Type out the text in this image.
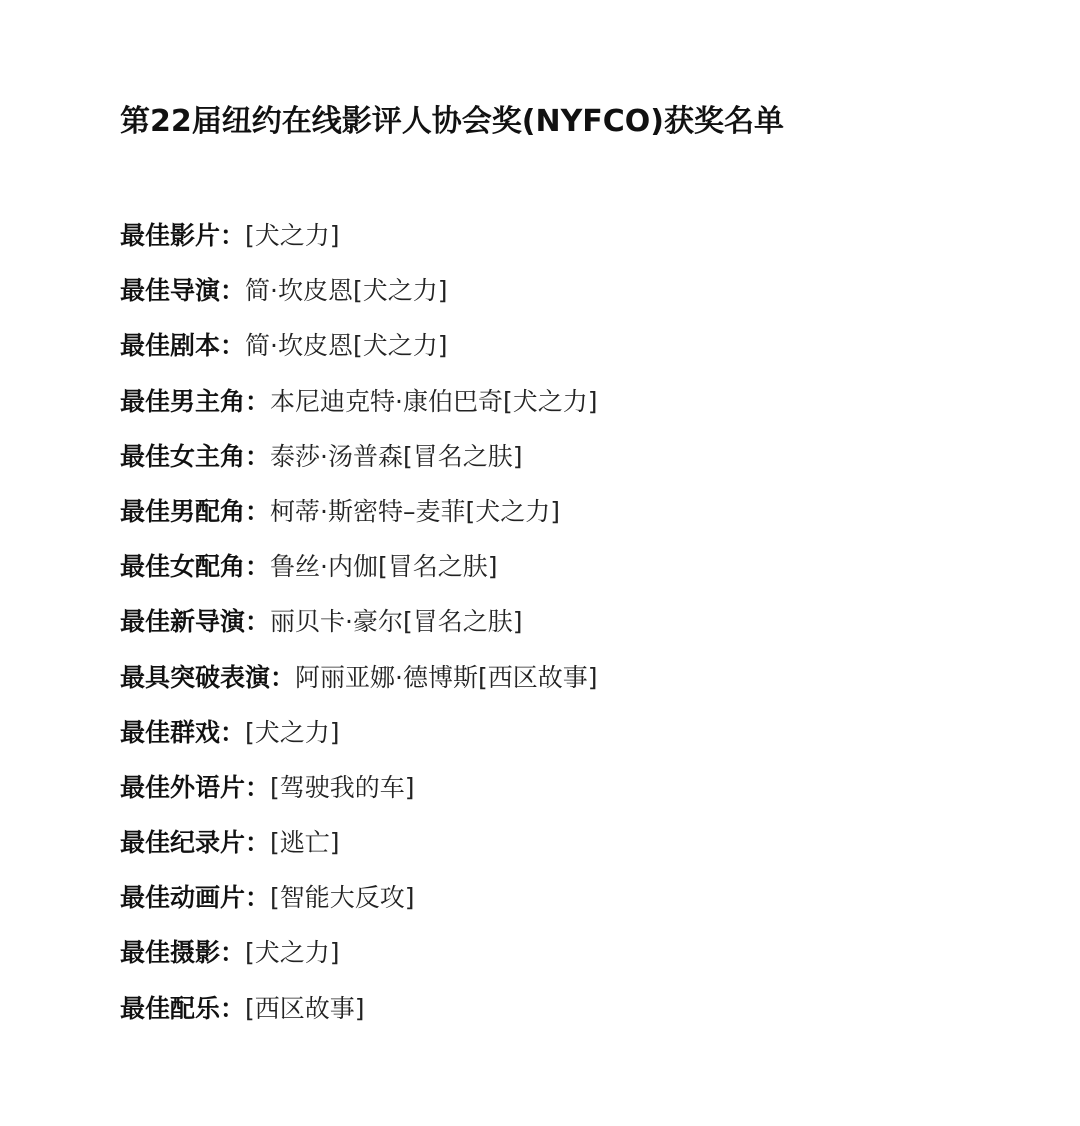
第22届纽约在线影评人协会奖(NYFCO)获奖名单
最佳影片：[犬之力]
最佳导演：简·坎皮恩[犬之力]
最佳剧本：简·坎皮恩[犬之力]
最佳男主角：本尼迪克特·康伯巴奇[犬之力]
最佳女主角：泰莎·汤普森[冒名之肤]
最佳男配角：柯蒂·斯密特–麦菲[犬之力]
最佳女配角：鲁丝·内伽[冒名之肤]
最佳新导演：丽贝卡·豪尔[冒名之肤]
最具突破表演：阿丽亚娜·德博斯[西区故事]
最佳群戏：[犬之力]
最佳外语片：[驾驶我的车]
最佳纪录片：[逃亡]
最佳动画片：[智能大反攻]
最佳摄影：[犬之力]
最佳配乐：[西区故事]
